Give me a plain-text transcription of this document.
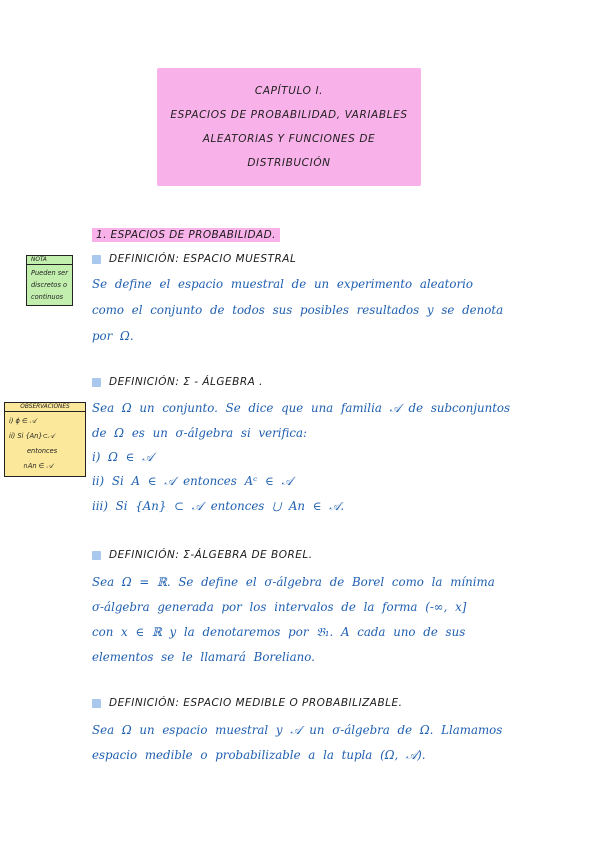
CAPÍTULO I.
ESPACIOS DE PROBABILIDAD, VARIABLES
ALEATORIAS Y FUNCIONES DE
DISTRIBUCIÓN
1. ESPACIOS DE PROBABILIDAD.
NOTA
Pueden ser
discretos o
continuos
OBSERVACIONES
i) ϕ ∈ 𝒜
ii) Si {An}⊂𝒜
entonces
∩An ∈ 𝒜
DEFINICIÓN: ESPACIO MUESTRAL
Se define el espacio muestral de un experimento aleatorio
como el conjunto de todos sus posibles resultados y se denota
por Ω.
DEFINICIÓN: Σ - ÁLGEBRA .
Sea Ω un conjunto. Se dice que una familia 𝒜 de subconjuntos
de Ω es un σ-álgebra si verifica:
i) Ω ∈ 𝒜
ii) Si A ∈ 𝒜 entonces Aᶜ ∈ 𝒜
iii) Si {An} ⊂ 𝒜 entonces ⋃ An ∈ 𝒜.
DEFINICIÓN: Σ-ÁLGEBRA DE BOREL.
Sea Ω = ℝ. Se define el σ-álgebra de Borel como la mínima
σ-álgebra generada por los intervalos de la forma (-∞, x]
con x ∈ ℝ y la denotaremos por 𝔅₁. A cada uno de sus
elementos se le llamará Boreliano.
DEFINICIÓN: ESPACIO MEDIBLE O PROBABILIZABLE.
Sea Ω un espacio muestral y 𝒜 un σ-álgebra de Ω. Llamamos
espacio medible o probabilizable a la tupla (Ω, 𝒜).
